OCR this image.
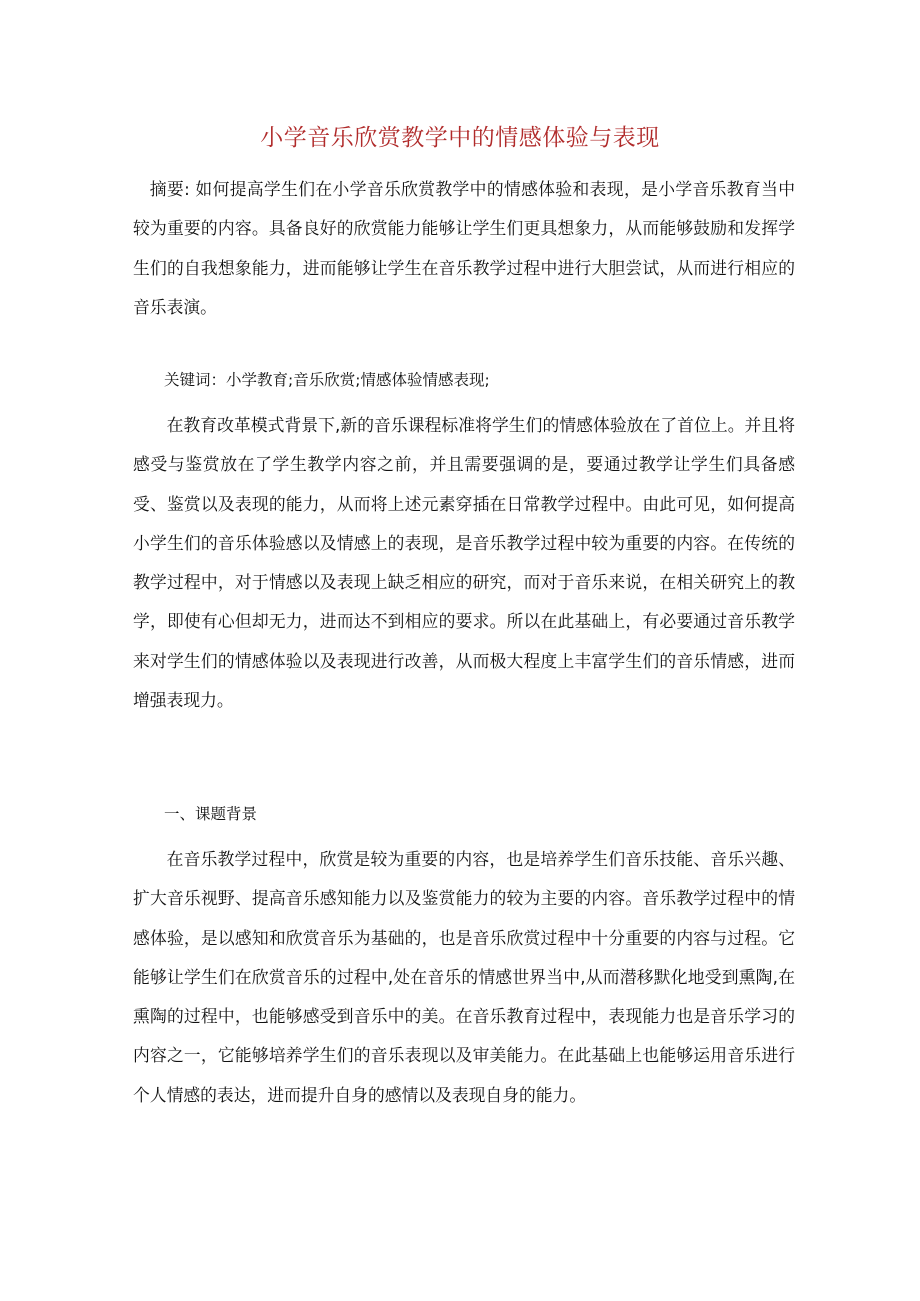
小学音乐欣赏教学中的情感体验与表现

摘要: 如何提高学生们在小学音乐欣赏教学中的情感体验和表现，是小学音乐教育当中较为重要的内容。具备良好的欣赏能力能够让学生们更具想象力，从而能够鼓励和发挥学生们的自我想象能力，进而能够让学生在音乐教学过程中进行大胆尝试，从而进行相应的音乐表演。

关键词：小学教育;音乐欣赏;情感体验情感表现;

在教育改革模式背景下,新的音乐课程标准将学生们的情感体验放在了首位上。并且将感受与鉴赏放在了学生教学内容之前，并且需要强调的是，要通过教学让学生们具备感受、鉴赏以及表现的能力，从而将上述元素穿插在日常教学过程中。由此可见，如何提高小学生们的音乐体验感以及情感上的表现，是音乐教学过程中较为重要的内容。在传统的教学过程中，对于情感以及表现上缺乏相应的研究，而对于音乐来说，在相关研究上的教学，即使有心但却无力，进而达不到相应的要求。所以在此基础上，有必要通过音乐教学来对学生们的情感体验以及表现进行改善，从而极大程度上丰富学生们的音乐情感，进而增强表现力。

一、课题背景

在音乐教学过程中，欣赏是较为重要的内容，也是培养学生们音乐技能、音乐兴趣、扩大音乐视野、提高音乐感知能力以及鉴赏能力的较为主要的内容。音乐教学过程中的情感体验，是以感知和欣赏音乐为基础的，也是音乐欣赏过程中十分重要的内容与过程。它能够让学生们在欣赏音乐的过程中,处在音乐的情感世界当中,从而潜移默化地受到熏陶,在熏陶的过程中，也能够感受到音乐中的美。在音乐教育过程中，表现能力也是音乐学习的内容之一，它能够培养学生们的音乐表现以及审美能力。在此基础上也能够运用音乐进行个人情感的表达，进而提升自身的感情以及表现自身的能力。
